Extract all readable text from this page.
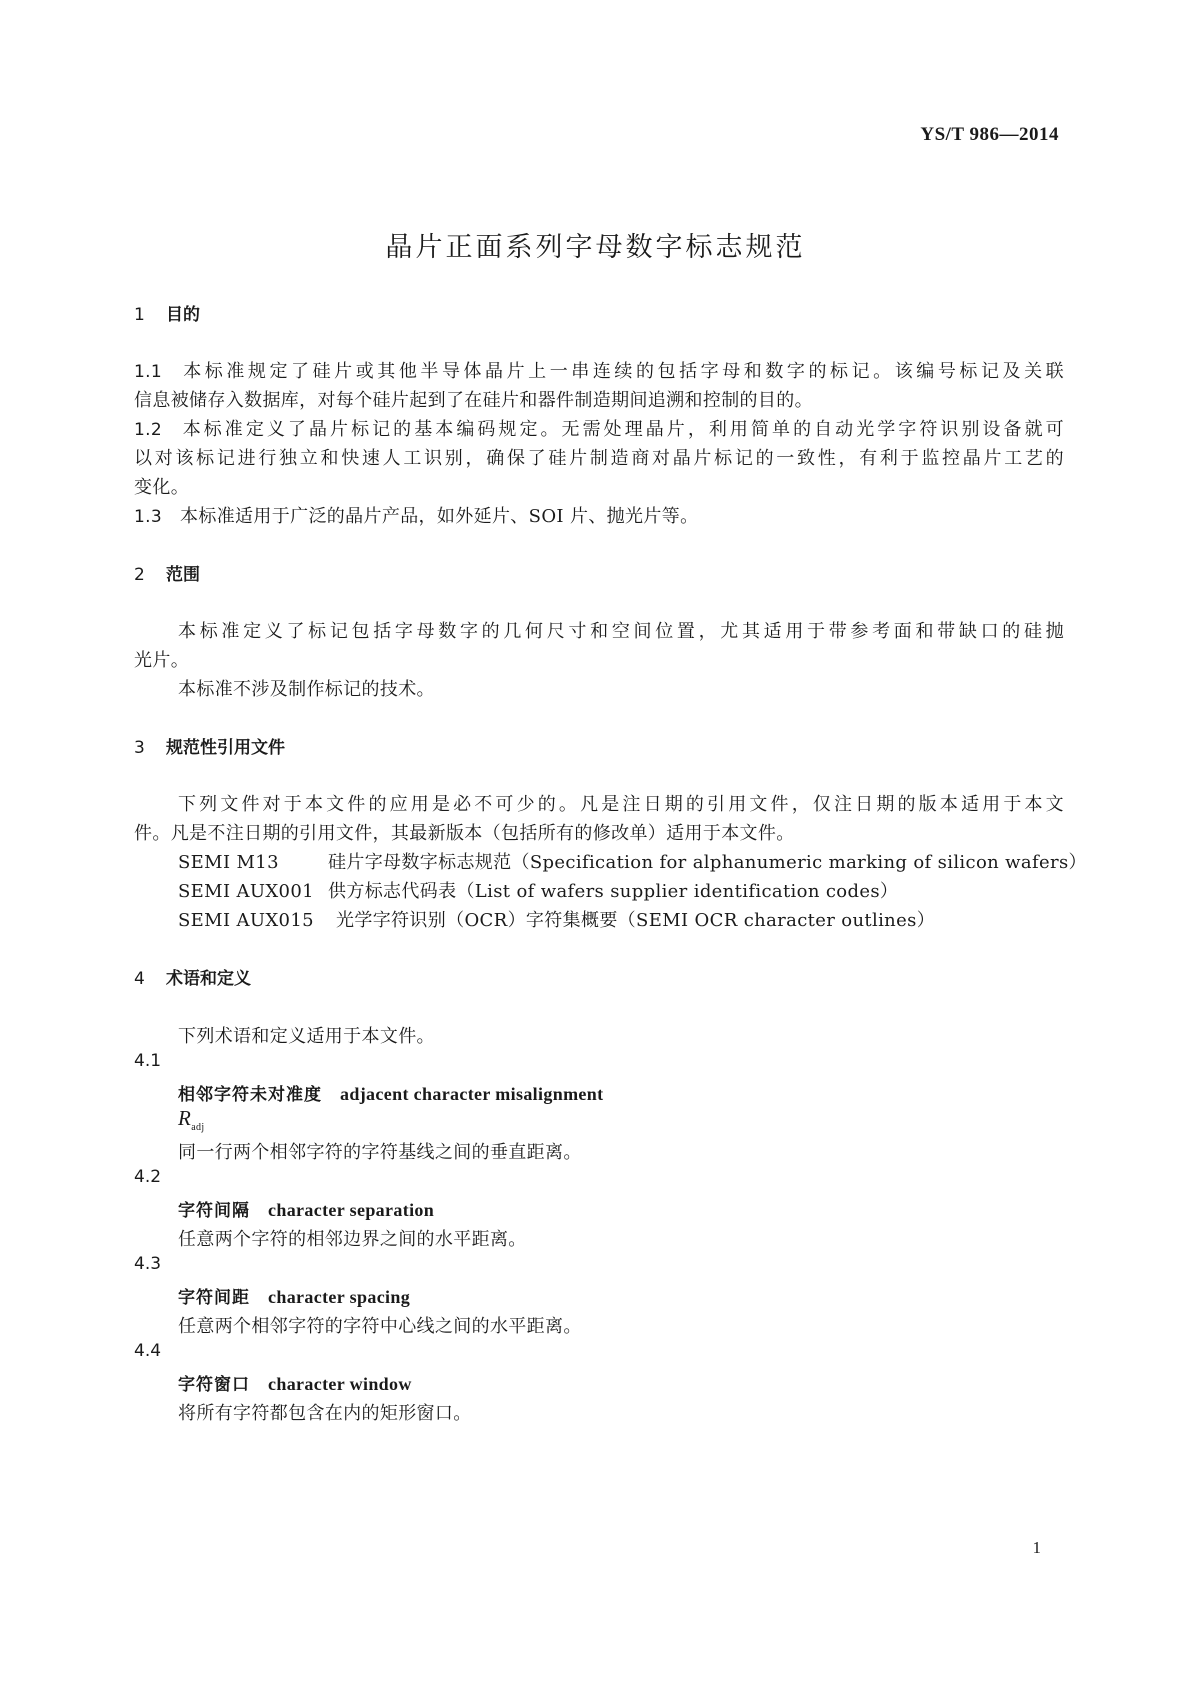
YS/T 986—2014
晶片正面系列字母数字标志规范
1 目的
1.1 本标准规定了硅片或其他半导体晶片上一串连续的包括字母和数字的标记。该编号标记及关联
信息被储存入数据库，对每个硅片起到了在硅片和器件制造期间追溯和控制的目的。
1.2 本标准定义了晶片标记的基本编码规定。无需处理晶片，利用简单的自动光学字符识别设备就可
以对该标记进行独立和快速人工识别，确保了硅片制造商对晶片标记的一致性，有利于监控晶片工艺的
变化。
1.3 本标准适用于广泛的晶片产品，如外延片、SOI 片、抛光片等。
2 范围
本标准定义了标记包括字母数字的几何尺寸和空间位置，尤其适用于带参考面和带缺口的硅抛
光片。
本标准不涉及制作标记的技术。
3 规范性引用文件
下列文件对于本文件的应用是必不可少的。凡是注日期的引用文件，仅注日期的版本适用于本文
件。凡是不注日期的引用文件，其最新版本（包括所有的修改单）适用于本文件。
SEMI M13	硅片字母数字标志规范（Specification for alphanumeric marking of silicon wafers）
SEMI AUX001 供方标志代码表（List of wafers supplier identification codes）
SEMI AUX015 光学字符识别（OCR）字符集概要（SEMI OCR character outlines）
4 术语和定义
下列术语和定义适用于本文件。
4.1
相邻字符未对准度 adjacent character misalignment
$R_{adj}$
同一行两个相邻字符的字符基线之间的垂直距离。
4.2
字符间隔 character separation
任意两个字符的相邻边界之间的水平距离。
4.3
字符间距 character spacing
任意两个相邻字符的字符中心线之间的水平距离。
4.4
字符窗口 character window
将所有字符都包含在内的矩形窗口。
1
